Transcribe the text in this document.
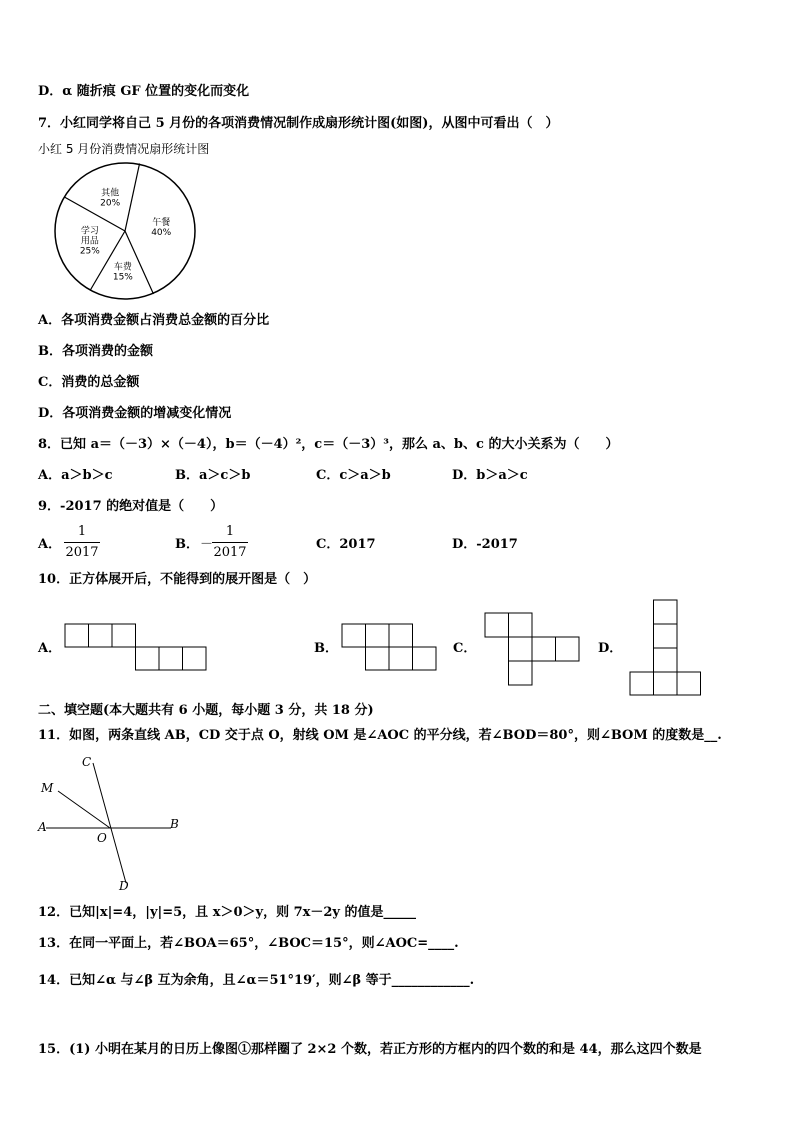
D．α 随折痕 GF 位置的变化而变化
7．小红同学将自己 5 月份的各项消费情况制作成扇形统计图(如图)，从图中可看出（　）
小红 5 月份消费情况扇形统计图
午餐 40%
车费 15%
学习用品 25%
其他 20%
A．各项消费金额占消费总金额的百分比
B．各项消费的金额
C．消费的总金额
D．各项消费金额的增减变化情况
8．已知 a＝（－3）×（－4），b＝（－4）²，c＝（－3）³，那么 a、b、c 的大小关系为（　　）
A．a＞b＞c	B．a＞c＞b	C．c＞a＞b	D．b＞a＞c
9．-2017 的绝对值是（　　）
A．
1
2017
B． －
1
2017
C．2017	D．-2017
10．正方体展开后，不能得到的展开图是（　）
A．	B．	C．	D．
二、填空题(本大题共有 6 小题，每小题 3 分，共 18 分)
11．如图，两条直线 AB，CD 交于点 O，射线 OM 是∠AOC 的平分线，若∠BOD＝80°，则∠BOM 的度数是__.
C
M
A	B
O
D
12．已知|x|=4，|y|=5，且 x＞0＞y，则 7x－2y 的值是_____
13．在同一平面上，若∠BOA＝65°，∠BOC＝15°，则∠AOC=____.
14．已知∠α 与∠β 互为余角，且∠α＝51°19′，则∠β 等于____________.
15．(1) 小明在某月的日历上像图①那样圈了 2×2 个数，若正方形的方框内的四个数的和是 44，那么这四个数是
